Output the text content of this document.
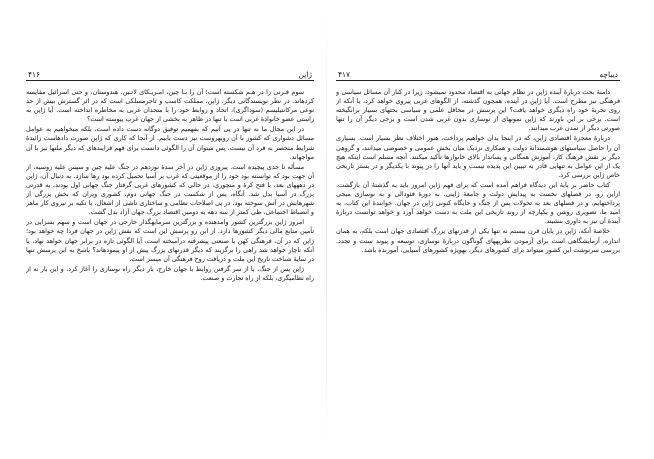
ژاپن
۴۱۶

سوم قـرنی را در هـم شکسته است؛ آن را بـا چین، امـریـکای لاتـین، هندوستان، و حتی اسرائیل مقایسه کردهاند. در نظر نویسندگانی دیگر، ژاپن، مملکت کاسب و تاجرمسلکی است که در اثر گسترش بیش از حد نوعی مرکانتیلیسم (سوداگری)، اتحاد و روابط خود را با متحدان غربی به مخاطره انداخته است. آیا ژاپن به راستی عضو خانوادهٔ غربی است یا تنها در ظاهر به بخشی از جهان غرب پیوسته است؟

در این مجال ما نه تنها در پی آنیم که بفهمیم توفیق دوگانه دست داده است، بلکه میخواهیم به عوامل مسائل دشواری که کشور با آن روبهروست نیز دست یابیم. از آنجا که کاری که ژاپن صورت دادهاست زائیدهٔ شرایط منحصر به فرد آن نیست، پس میتوان آن را الگوئی دانست برای فهم فرایندهای که دیگر ملتها نیز با آن مواجهاند.

مسأله تا حدی پیچیده است. پیروزی ژاپن در آخر سدهٔ نوزدهم در جنگ علیه چین و سپس علیه روسیه، از آن جهت بود که توانسته بود خود را از موقعیتی که غرب بر آسیا تحمیل کرده بود رها سازد. به دنبال آن، ژاپن در دهههای بعد، با فتح کرهٔ و منچوری، در حالی که کشورهای غربی گرفتار جنگ جهانی اول بودند، به قدرتی بزرگ در آسیا بدل شد. آنگاه، پس از شکست در جنگ جهانی دوم، کشوری ویران که بخش بزرگی از شهرهایش در آتش سوخته بود، در پی اصلاحات نظامی و ساختاری ناشی از اشغال، با تکیه بر نیروی کار ماهر و انضباط اجتماعی، طی کمتر از سه دهه به دومین اقتصاد بزرگ جهان آزاد بدل گشت.

امروز ژاپن بزرگترین کشور وامدهنده و بزرگترین سرمایهگذار خارجی در جهان است و سهم بسزایی در تأمین منابع مالی دیگر کشورها دارد. از این رو پرسش این است که نقش ژاپن در جهان فردا چه خواهد بود؛ ژاپن که در آن، فرهنگی کهن با صنعتی پیشرفته درآمیخته است، آیا الگوئی تازه در برابر جهان خواهد نهاد، یا آنکه ناچار خواهد شد راهی را برگزیند که دیگر قدرتهای بزرگ پیش از او پیمودهاند؟ پاسخ به این پرسش تنها در سایهٔ شناخت تاریخ این ملت و دریافت روح فرهنگی آن میسر است.

ژاپن پس از جنگ، با از سر گرفتن روابط با جهان خارج، بار دیگر راه نوسازی را آغاز کرد، و این بار نه از راه نظامیگری، بلکه از راه تجارت و صنعت.

دیباچه
۴۱۷

دامنهٔ بحث دربارهٔ آینده ژاپن در نظام جهانی به اقتصاد محدود نمیشود، زیرا در کنار آن مسائل سیاسی و فرهنگی نیز مطرح است. آیا ژاپن در آینده، همچون گذشته، از الگوهای غربی پیروی خواهد کرد، یا آنکه از روی تجربهٔ خود راه دیگری خواهد یافت؟ این پرسش در محافل علمی و سیاسی بحثهای بسیار برانگیخته است. برخی بر این باورند که ژاپن نمونهای از نوسازی بدون غربی شدن است و برخی دیگر آن را تنها صورتی دیگر از تمدن غرب میدانند.

دربارهٔ معجزهٔ اقتصادی ژاپن، که در اینجا بدان خواهیم پرداخت، هنوز اختلاف نظر بسیار است. بسیاری آن را حاصل سیاستهای هوشمندانهٔ دولت و همکاری نزدیک میان بخش عمومی و خصوصی میدانند، و گروهی دیگر بر نقش فرهنگ کار، آموزش همگانی و پسانداز بالای خانوارها تأکید میکنند. آنچه مسلم است اینکه هیچ یک از این عوامل به تنهایی قادر به تبیین این پدیده نیست و باید آنها را در پیوند با یکدیگر و در بستر تاریخی خاص ژاپن بررسی کرد.

کتاب حاضر بر پایهٔ این دیدگاه فراهم آمده است که برای فهم ژاپن امروز باید به گذشتهٔ آن بازگشت. ازاین رو، در فصلهای نخست به پیدایش دولت و جامعهٔ ژاپنی، به دورهٔ فئودالی و به نوسازی میجی پرداختهایم، و در فصلهای بعد به تحولات پس از جنگ و جایگاه کنونی ژاپن در جهان. خوانندهٔ این کتاب، به امید ما، تصویری روشن و یکپارچه از روند تاریخی این ملت به دست خواهد آورد و خواهد توانست دربارهٔ آیندهٔ آن نیز به داوری بنشیند.

خلاصهٔ آنکه، ژاپن در پایان قرن بیستم نه تنها یکی از قدرتهای بزرگ اقتصادی جهان است بلکه، به همان اندازه، آزمایشگاهی است برای آزمودن نظریههای گوناگون دربارهٔ نوسازی، توسعه و پیوند سنت و تجدد. بررسی سرنوشت این کشور میتواند برای کشورهای دیگر، بهویژه کشورهای آسیایی، آموزنده باشد.
